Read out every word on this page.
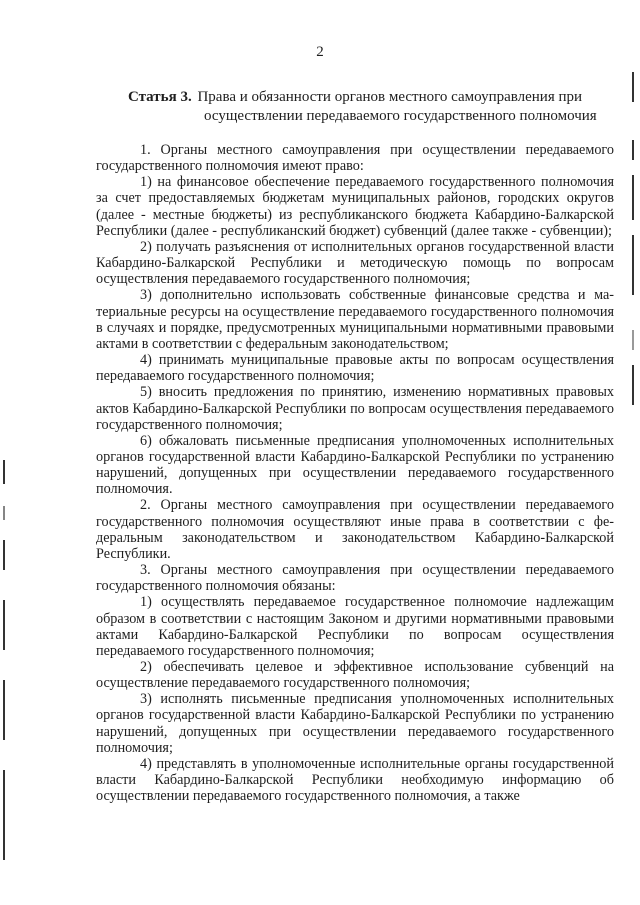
2
Статья 3. Права и обязанности органов местного самоуправления при
осуществлении передаваемого государственного полномочия

1. Органы местного самоуправления при осуществлении передаваемого государственного полномочия имеют право:

1) на финансовое обеспечение передаваемого государственного полномочия за счет предоставляемых бюджетам муниципальных районов, городских округов (далее - местные бюджеты) из республиканского бюджета Кабардино-Балкарской Республики (далее - республиканский бюджет) субвенций (далее также - субвенции);

2) получать разъяснения от исполнительных органов государственной власти Кабардино-Балкарской Республики и методическую помощь по вопросам осуществления передаваемого государственного полномочия;

3) дополнительно использовать собственные финансовые средства и материальные ресурсы на осуществление передаваемого государственного полномочия в случаях и порядке, предусмотренных муниципальными нормативными правовыми актами в соответствии с федеральным законодательством;

4) принимать муниципальные правовые акты по вопросам осуществления передаваемого государственного полномочия;

5) вносить предложения по принятию, изменению нормативных правовых актов Кабардино-Балкарской Республики по вопросам осуществления передаваемого государственного полномочия;

6) обжаловать письменные предписания уполномоченных исполнительных органов государственной власти Кабардино-Балкарской Республики по устранению нарушений, допущенных при осуществлении передаваемого государственного полномочия.

2. Органы местного самоуправления при осуществлении передаваемого государственного полномочия осуществляют иные права в соответствии с федеральным законодательством и законодательством Кабардино-Балкарской Республики.

3. Органы местного самоуправления при осуществлении передаваемого государственного полномочия обязаны:

1) осуществлять передаваемое государственное полномочие надлежащим образом в соответствии с настоящим Законом и другими нормативными правовыми актами Кабардино-Балкарской Республики по вопросам осуществления передаваемого государственного полномочия;

2) обеспечивать целевое и эффективное использование субвенций на осуществление передаваемого государственного полномочия;

3) исполнять письменные предписания уполномоченных исполнительных органов государственной власти Кабардино-Балкарской Республики по устранению нарушений, допущенных при осуществлении передаваемого государственного полномочия;

4) представлять в уполномоченные исполнительные органы государственной власти Кабардино-Балкарской Республики необходимую информацию об осуществлении передаваемого государственного полномочия, а также
